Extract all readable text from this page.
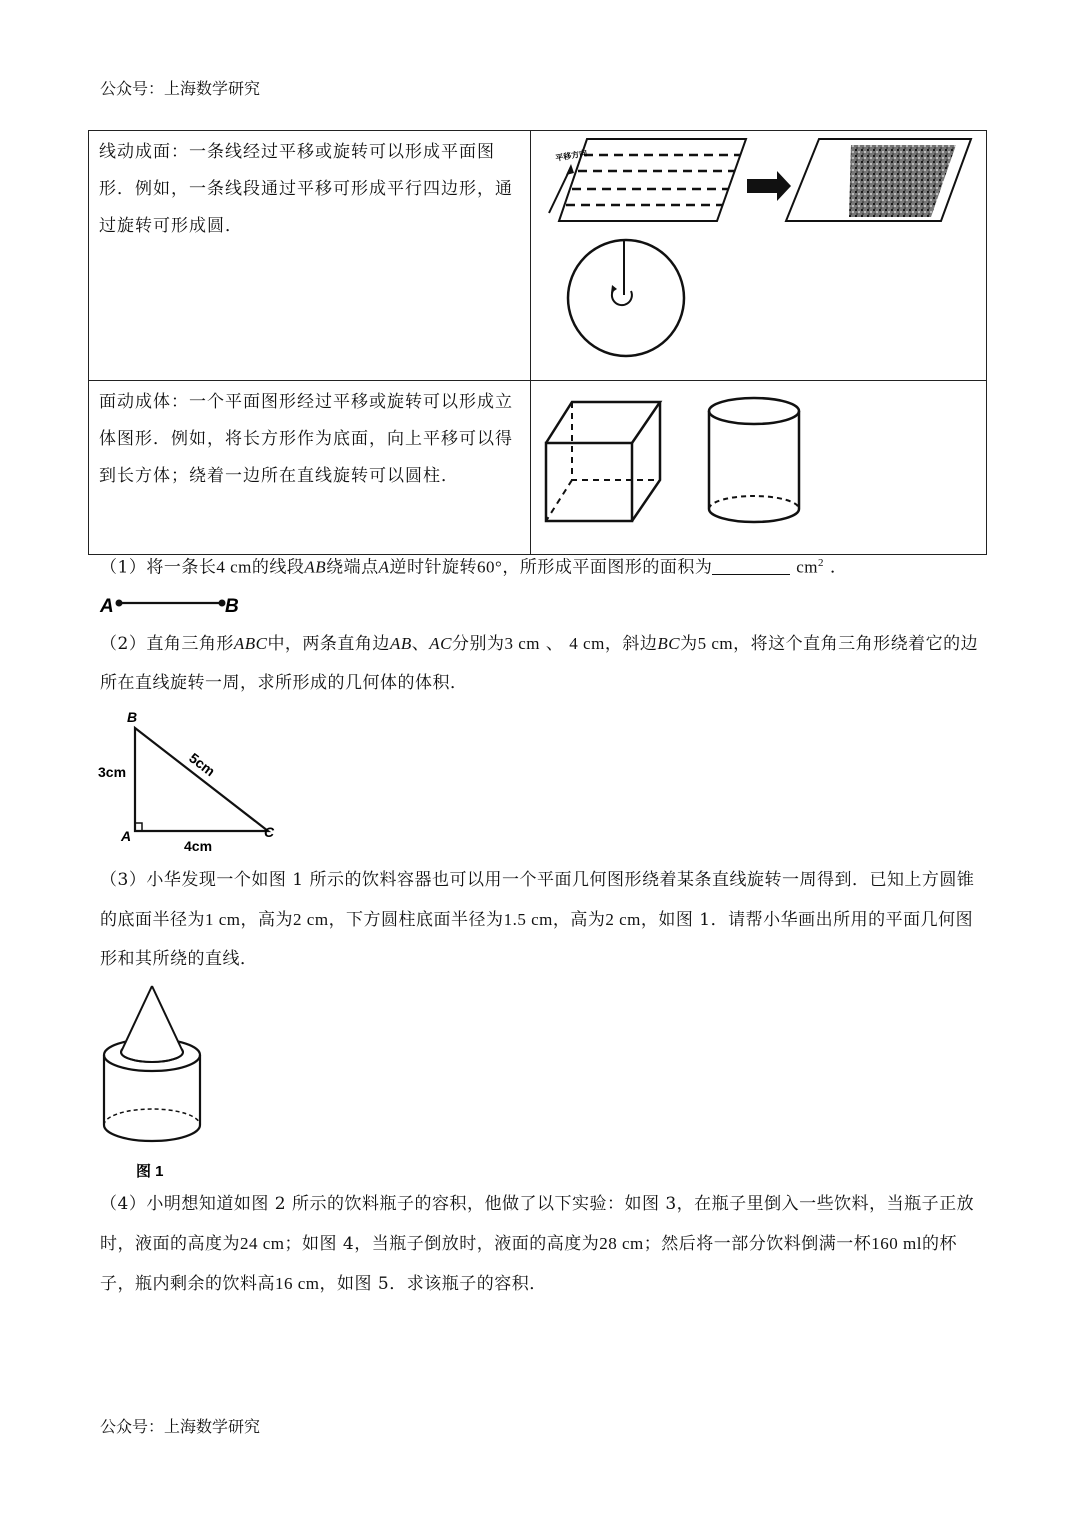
公众号：上海数学研究
线动成面：一条线经过平移或旋转可以形成平面图形．例如，一条线段通过平移可形成平行四边形，通过旋转可形成圆．	平移方向

面动成体：一个平面图形经过平移或旋转可以形成立体图形．例如，将长方形作为底面，向上平移可以得到长方体；绕着一边所在直线旋转可以圆柱．

（1）将一条长4 cm的线段AB绕端点A逆时针旋转60°，所形成平面图形的面积为	$cm^2$ ．
A	B
（2）直角三角形ABC中，两条直角边AB、AC分别为3 cm 、 4 cm，斜边BC为5 cm，将这个直角三角形绕着它的边所在直线旋转一周，求所形成的几何体的体积．
B
A	C
3cm
4cm
5cm
（3）小华发现一个如图 1 所示的饮料容器也可以用一个平面几何图形绕着某条直线旋转一周得到．已知上方圆锥的底面半径为1 cm，高为2 cm，下方圆柱底面半径为1.5 cm，高为2 cm，如图 1．请帮小华画出所用的平面几何图形和其所绕的直线．
图 1
（4）小明想知道如图 2 所示的饮料瓶子的容积，他做了以下实验：如图 3，在瓶子里倒入一些饮料，当瓶子正放时，液面的高度为24 cm；如图 4，当瓶子倒放时，液面的高度为28 cm；然后将一部分饮料倒满一杯160 ml的杯子，瓶内剩余的饮料高16 cm，如图 5．求该瓶子的容积．
公众号：上海数学研究
